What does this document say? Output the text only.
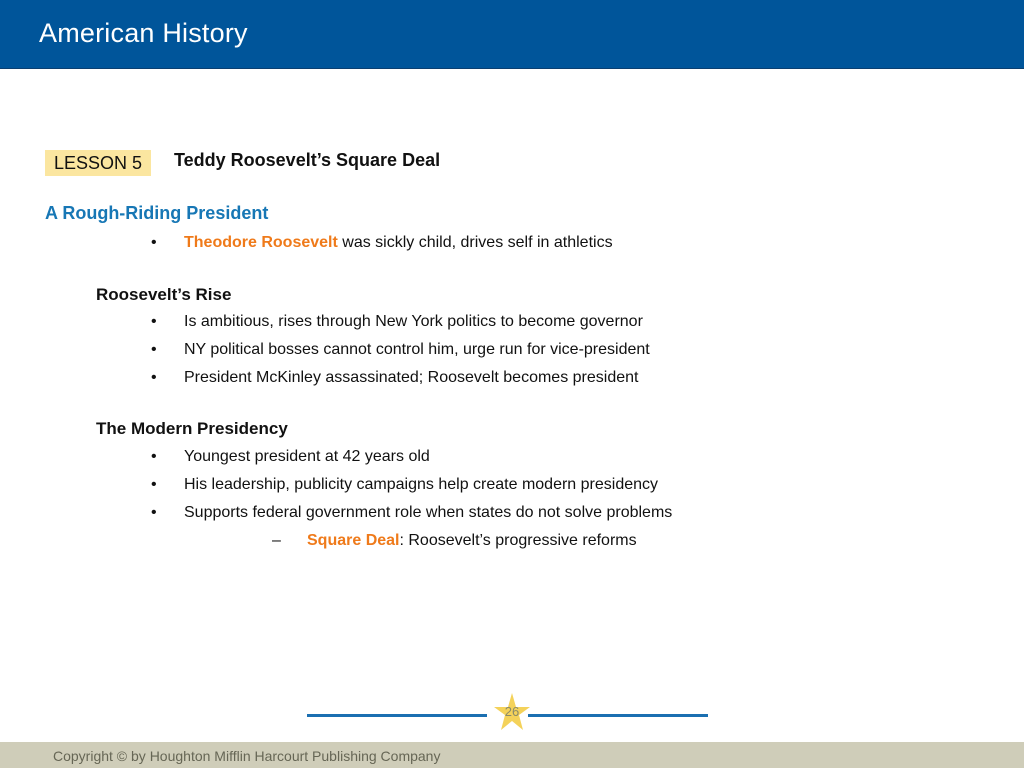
American History
LESSON 5	Teddy Roosevelt’s Square Deal
A Rough-Riding President
•	Theodore Roosevelt was sickly child, drives self in athletics
Roosevelt’s Rise
•	Is ambitious, rises through New York politics to become governor
•	NY political bosses cannot control him, urge run for vice-president
•	President McKinley assassinated; Roosevelt becomes president
The Modern Presidency
•	Youngest president at 42 years old
•	His leadership, publicity campaigns help create modern presidency
•	Supports federal government role when states do not solve problems
– Square Deal: Roosevelt’s progressive reforms
26
Copyright © by Houghton Mifflin Harcourt Publishing Company
